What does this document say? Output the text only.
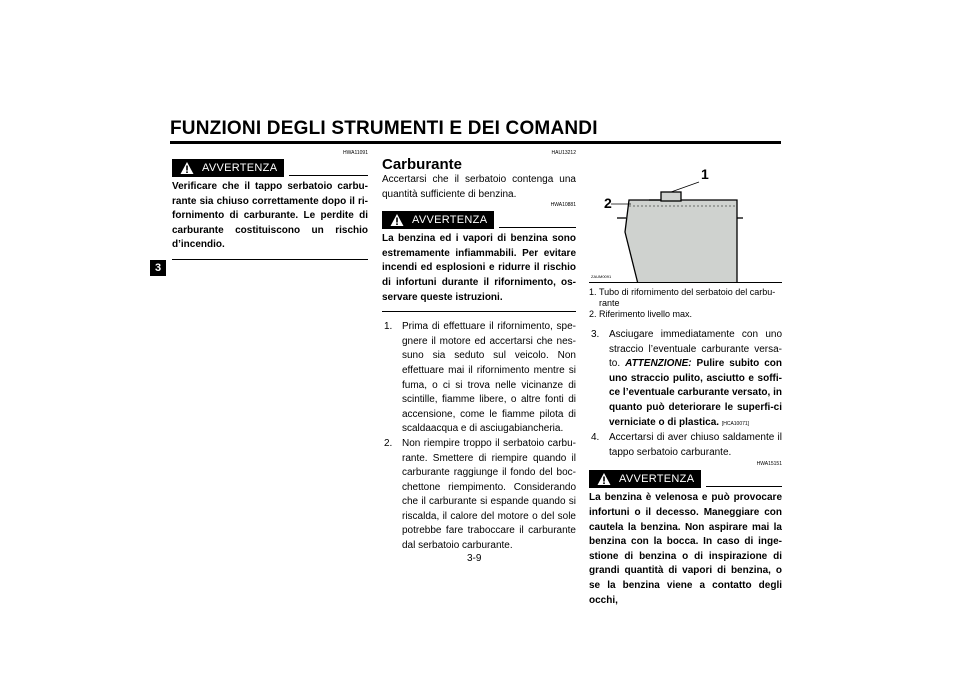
FUNZIONI DEGLI STRUMENTI E DEI COMANDI
3
HWA11091
AVVERTENZA
Verificare che il tappo serbatoio carbu-rante sia chiuso correttamente dopo il ri-fornimento di carburante. Le perdite di carburante costituiscono un rischio d’incendio.
HAU13212
Carburante
Accertarsi che il serbatoio contenga una quantità sufficiente di benzina.
HWA10881
AVVERTENZA
La benzina ed i vapori di benzina sono estremamente infiammabili. Per evitare incendi ed esplosioni e ridurre il rischio di infortuni durante il rifornimento, os-servare queste istruzioni.
1. Prima di effettuare il rifornimento, spe-gnere il motore ed accertarsi che nes-suno sia seduto sul veicolo. Non effettuare mai il rifornimento mentre si fuma, o ci si trova nelle vicinanze di scintille, fiamme libere, o altre fonti di accensione, come le fiamme pilota di scaldaacqua e di asciugabiancheria.
2. Non riempire troppo il serbatoio carbu-rante. Smettere di riempire quando il carburante raggiunge il fondo del boc-chettone riempimento. Considerando che il carburante si espande quando si riscalda, il calore del motore o del sole potrebbe fare traboccare il carburante dal serbatoio carburante.
1
2
ZAUM0091
1. Tubo di rifornimento del serbatoio del carbu-rante
2. Riferimento livello max.
3. Asciugare immediatamente con uno straccio l’eventuale carburante versa-to. ATTENZIONE: Pulire subito con uno straccio pulito, asciutto e soffi-ce l’eventuale carburante versato, in quanto può deteriorare le superfi-ci verniciate o di plastica. [HCA10071]
4. Accertarsi di aver chiuso saldamente il tappo serbatoio carburante.
HWA15151
AVVERTENZA
La benzina è velenosa e può provocare infortuni o il decesso. Maneggiare con cautela la benzina. Non aspirare mai la benzina con la bocca. In caso di inge-stione di benzina o di inspirazione di grandi quantità di vapori di benzina, o se la benzina viene a contatto degli occhi,
3-9
